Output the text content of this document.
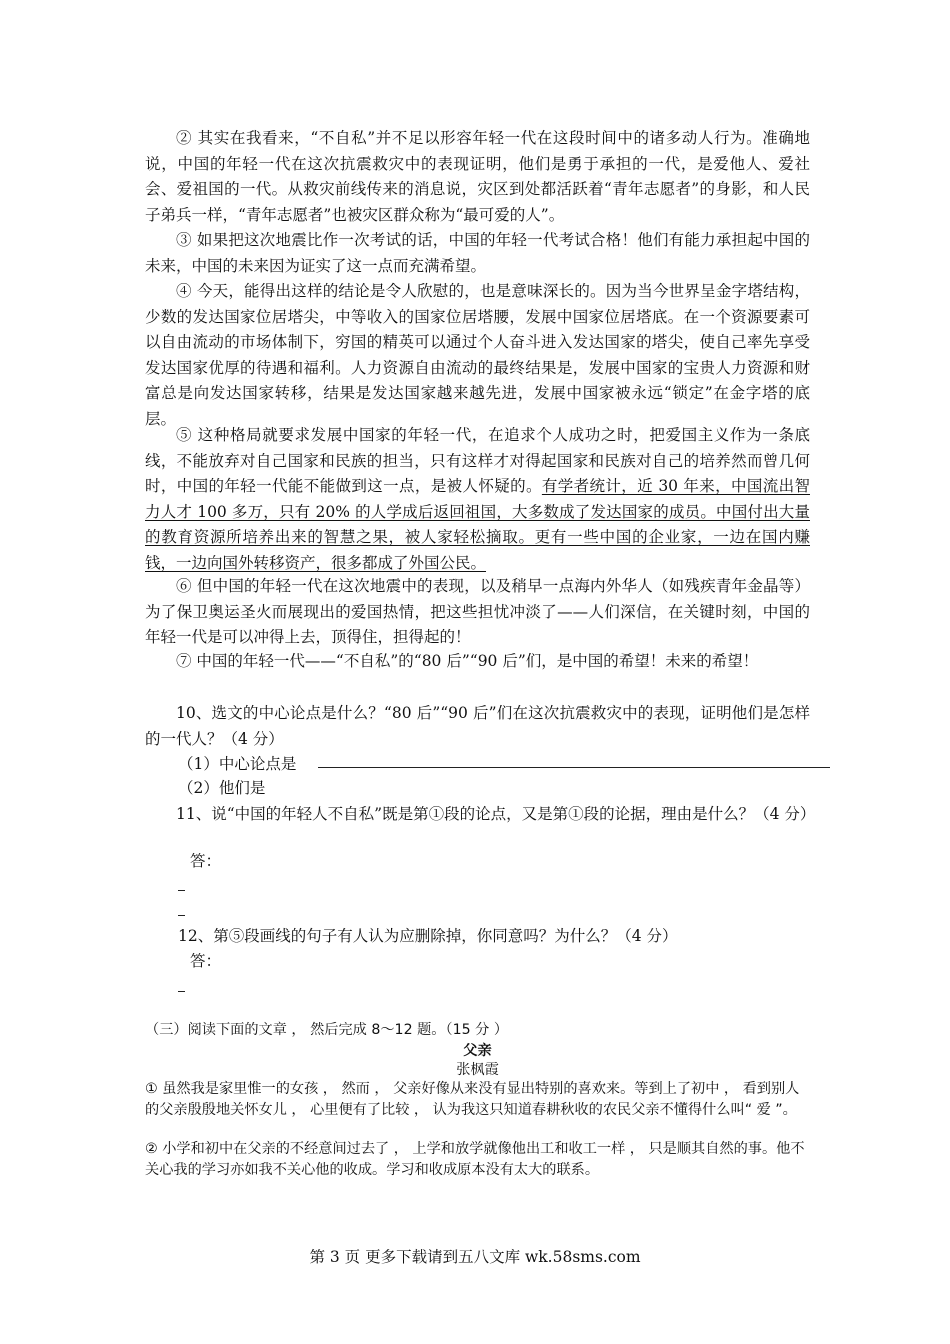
② 其实在我看来，“不自私”并不足以形容年轻一代在这段时间中的诸多动人行为。准确地说，中国的年轻一代在这次抗震救灾中的表现证明，他们是勇于承担的一代，是爱他人、爱社会、爱祖国的一代。从救灾前线传来的消息说，灾区到处都活跃着“青年志愿者”的身影，和人民子弟兵一样，“青年志愿者”也被灾区群众称为“最可爱的人”。

③ 如果把这次地震比作一次考试的话，中国的年轻一代考试合格！他们有能力承担起中国的未来，中国的未来因为证实了这一点而充满希望。

④ 今天，能得出这样的结论是令人欣慰的，也是意味深长的。因为当今世界呈金字塔结构，少数的发达国家位居塔尖，中等收入的国家位居塔腰，发展中国家位居塔底。在一个资源要素可以自由流动的市场体制下，穷国的精英可以通过个人奋斗进入发达国家的塔尖，使自己率先享受发达国家优厚的待遇和福利。人力资源自由流动的最终结果是，发展中国家的宝贵人力资源和财富总是向发达国家转移，结果是发达国家越来越先进，发展中国家被永远“锁定”在金字塔的底层。

⑤ 这种格局就要求发展中国家的年轻一代，在追求个人成功之时，把爱国主义作为一条底线，不能放弃对自己国家和民族的担当，只有这样才对得起国家和民族对自己的培养然而曾几何时，中国的年轻一代能不能做到这一点，是被人怀疑的。有学者统计，近 30 年来，中国流出智力人才 100 多万，只有 20% 的人学成后返回祖国，大多数成了发达国家的成员。中国付出大量的教育资源所培养出来的智慧之果，被人家轻松摘取。更有一些中国的企业家，一边在国内赚钱，一边向国外转移资产，很多都成了外国公民。

⑥ 但中国的年轻一代在这次地震中的表现，以及稍早一点海内外华人（如残疾青年金晶等）为了保卫奥运圣火而展现出的爱国热情，把这些担忧冲淡了——人们深信，在关键时刻，中国的年轻一代是可以冲得上去，顶得住，担得起的！

⑦ 中国的年轻一代——“不自私”的“80 后”“90 后”们，是中国的希望！未来的希望！

10、选文的中心论点是什么？“80 后”“90 后”们在这次抗震救灾中的表现，证明他们是怎样的一代人？（4 分）

（1）中心论点是

（2）他们是

11、说“中国的年轻人不自私”既是第①段的论点，又是第①段的论据，理由是什么？（4 分）

答：

12、第⑤段画线的句子有人认为应删除掉，你同意吗？为什么？（4 分）

答：

（三）阅读下面的文章 ， 然后完成 8～12 题。（15 分 ）

父亲

张枫霞

① 虽然我是家里惟一的女孩 ， 然而 ， 父亲好像从来没有显出特别的喜欢来。等到上了初中 ， 看到别人的父亲殷殷地关怀女儿 ， 心里便有了比较 ， 认为我这只知道春耕秋收的农民父亲不懂得什么叫“ 爱 ”。

② 小学和初中在父亲的不经意间过去了 ， 上学和放学就像他出工和收工一样 ， 只是顺其自然的事。他不关心我的学习亦如我不关心他的收成。学习和收成原本没有太大的联系。

第 3 页 更多下载请到五八文库 wk.58sms.com
